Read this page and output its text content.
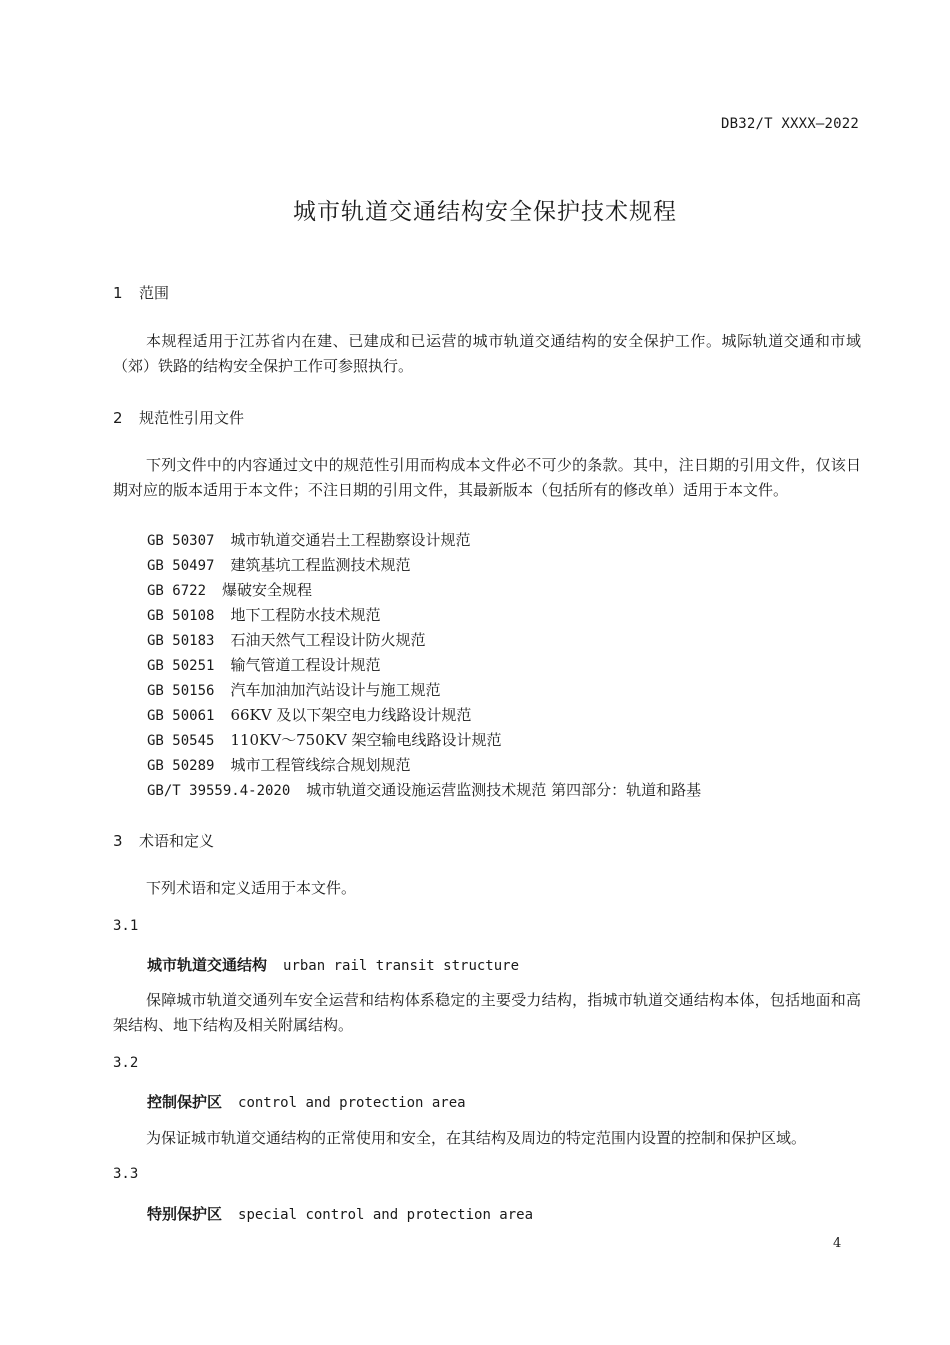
DB32/T XXXX—2022
城市轨道交通结构安全保护技术规程
1 范围

本规程适用于江苏省内在建、已建成和已运营的城市轨道交通结构的安全保护工作。城际轨道交通和市域（郊）铁路的结构安全保护工作可参照执行。

2 规范性引用文件

下列文件中的内容通过文中的规范性引用而构成本文件必不可少的条款。其中，注日期的引用文件，仅该日期对应的版本适用于本文件；不注日期的引用文件，其最新版本（包括所有的修改单）适用于本文件。

GB 50307 城市轨道交通岩土工程勘察设计规范
GB 50497 建筑基坑工程监测技术规范
GB 6722 爆破安全规程
GB 50108 地下工程防水技术规范
GB 50183 石油天然气工程设计防火规范
GB 50251 输气管道工程设计规范
GB 50156 汽车加油加汽站设计与施工规范
GB 50061 66KV 及以下架空电力线路设计规范
GB 50545 110KV～750KV 架空输电线路设计规范
GB 50289 城市工程管线综合规划规范
GB/T 39559.4-2020 城市轨道交通设施运营监测技术规范 第四部分：轨道和路基
3 术语和定义

下列术语和定义适用于本文件。

3.1
城市轨道交通结构 urban rail transit structure

保障城市轨道交通列车安全运营和结构体系稳定的主要受力结构，指城市轨道交通结构本体，包括地面和高架结构、地下结构及相关附属结构。

3.2
控制保护区 control and protection area

为保证城市轨道交通结构的正常使用和安全，在其结构及周边的特定范围内设置的控制和保护区域。

3.3
特别保护区 special control and protection area
4
